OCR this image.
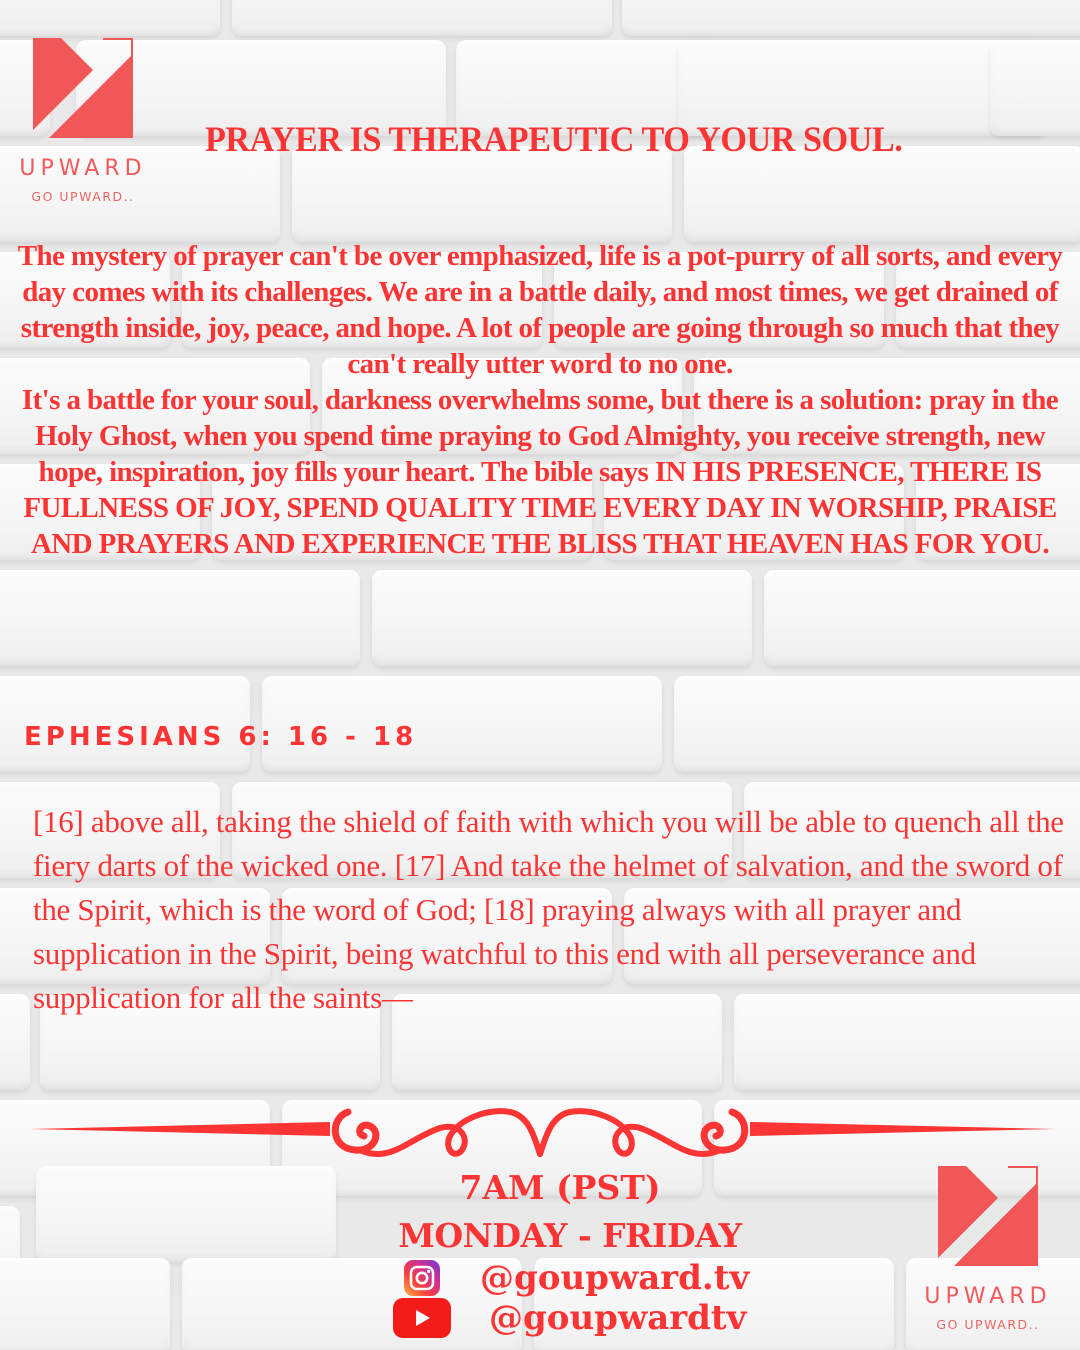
UPWARD
GO UPWARD..
PRAYER IS THERAPEUTIC TO YOUR SOUL.

The mystery of prayer can't be over emphasized, life is a pot-purry of all sorts, and every day comes with its challenges. We are in a battle daily, and most times, we get drained of strength inside, joy, peace, and hope. A lot of people are going through so much that they can't really utter word to no one.

It's a battle for your soul, darkness overwhelms some, but there is a solution: pray in the Holy Ghost, when you spend time praying to God Almighty, you receive strength, new hope, inspiration, joy fills your heart. The bible says IN HIS PRESENCE, THERE IS FULLNESS OF JOY, SPEND QUALITY TIME EVERY DAY IN WORSHIP, PRAISE AND PRAYERS AND EXPERIENCE THE BLISS THAT HEAVEN HAS FOR YOU.

EPHESIANS 6: 16 - 18
[16] above all, taking the shield of faith with which you will be able to quench all the fiery darts of the wicked one. [17] And take the helmet of salvation, and the sword of the Spirit, which is the word of God; [18] praying always with all prayer and supplication in the Spirit, being watchful to this end with all perseverance and supplication for all the saints—
7AM (PST)
MONDAY - FRIDAY
@goupward.tv
@goupwardtv
UPWARD
GO UPWARD..
